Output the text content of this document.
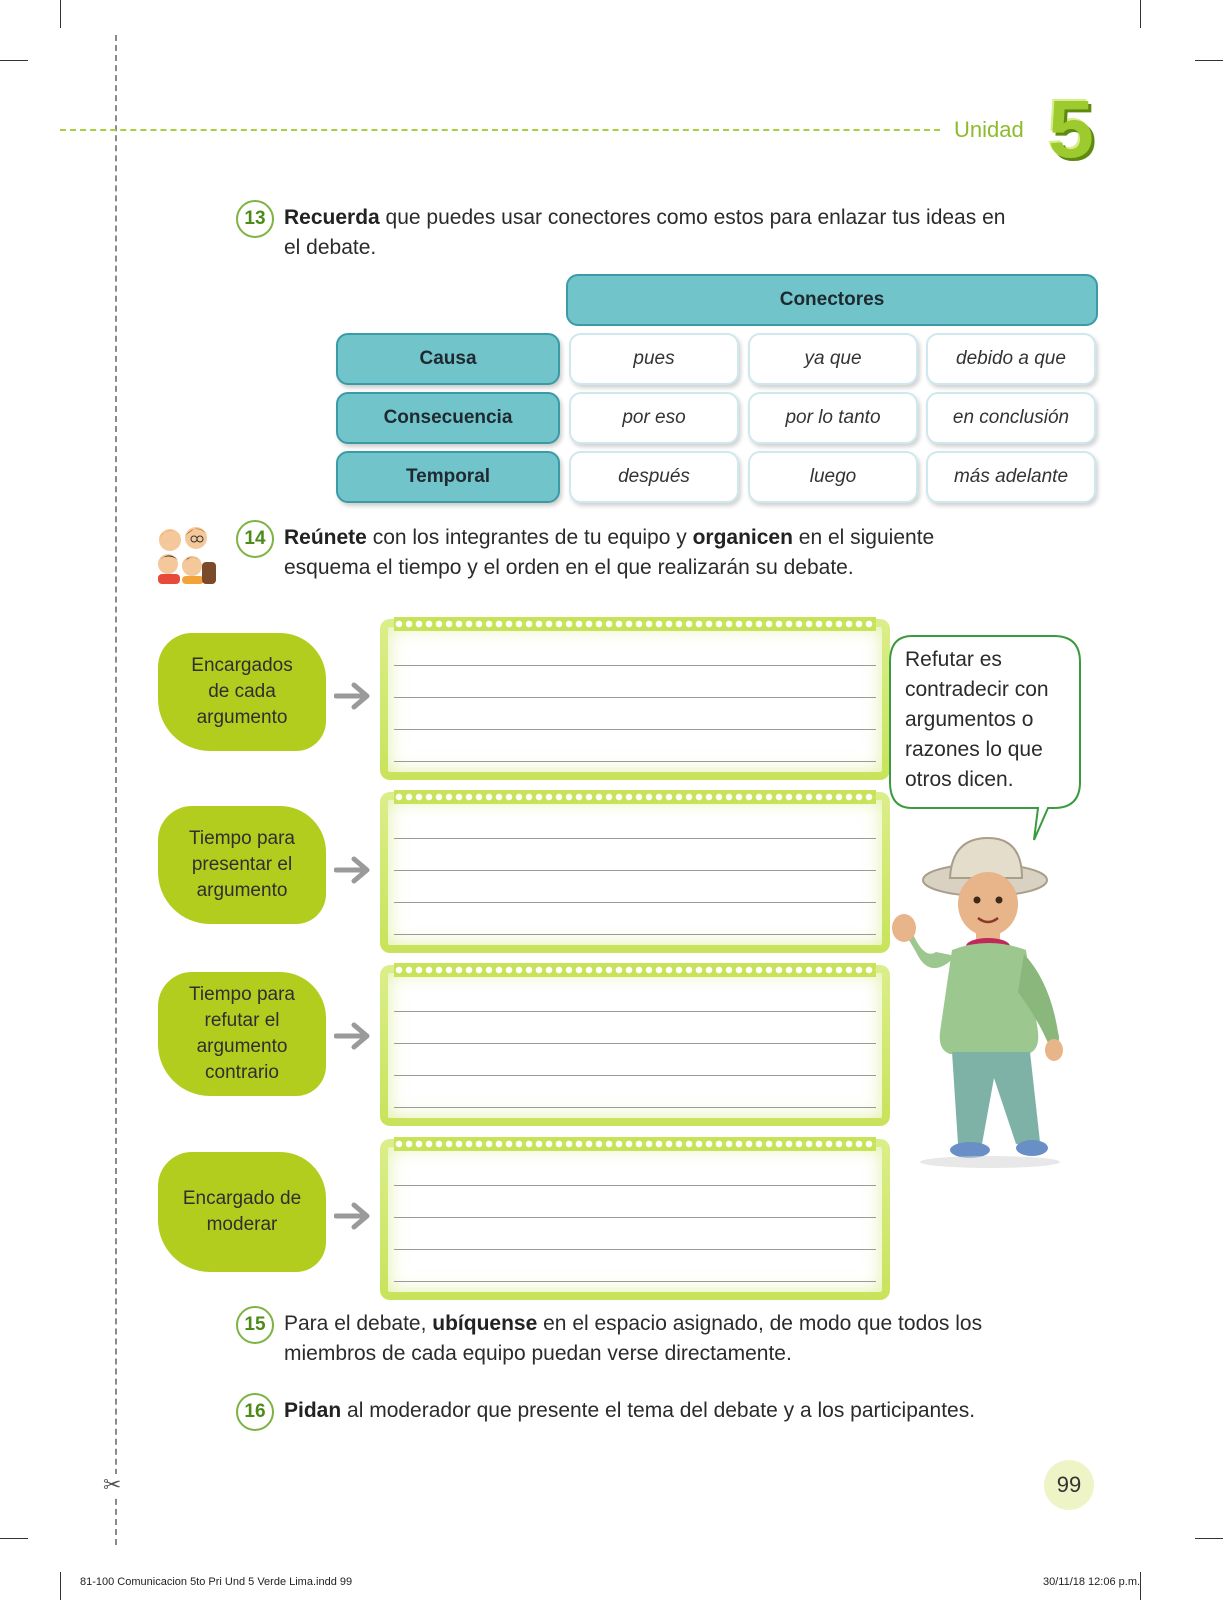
✂
Unidad 5
13 Recuerda que puedes usar conectores como estos para enlazar tus ideas en
el debate.
Conectores
Causa	pues	ya que	debido a que
Consecuencia	por eso	por lo tanto	en conclusión
Temporal	después	luego	más adelante
14 Reúnete con los integrantes de tu equipo y organicen en el siguiente
esquema el tiempo y el orden en el que realizarán su debate.
Encargados
de cada
argumento
Tiempo para
presentar el
argumento
Tiempo para
refutar el
argumento
contrario
Encargado de
moderar
Refutar es
contradecir con
argumentos o
razones lo que
otros dicen.
15 Para el debate, ubíquense en el espacio asignado, de modo que todos los
miembros de cada equipo puedan verse directamente.
16 Pidan al moderador que presente el tema del debate y a los participantes.
99
81-100 Comunicacion 5to Pri Und 5 Verde Lima.indd 99	30/11/18 12:06 p.m.
